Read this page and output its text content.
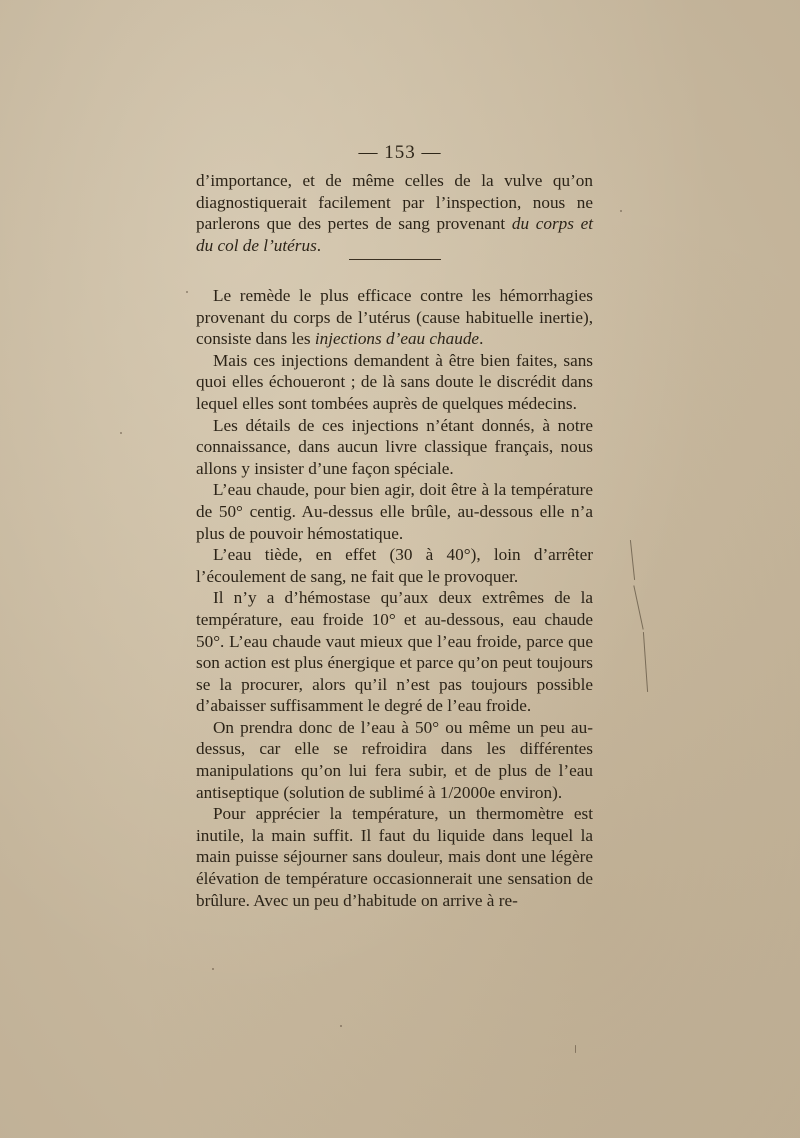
— 153 —

d’importance, et de même celles de la vulve qu’on diagnostiquerait facilement par l’inspection, nous ne parlerons que des pertes de sang provenant du corps et du col de l’utérus.

Le remède le plus efficace contre les hémorrhagies provenant du corps de l’utérus (cause habituelle inertie), consiste dans les injections d’eau chaude.

Mais ces injections demandent à être bien faites, sans quoi elles échoueront ; de là sans doute le discrédit dans lequel elles sont tombées auprès de quelques médecins.

Les détails de ces injections n’étant donnés, à notre connaissance, dans aucun livre classique français, nous allons y insister d’une façon spéciale.

L’eau chaude, pour bien agir, doit être à la température de 50° centig. Au-dessus elle brûle, au-dessous elle n’a plus de pouvoir hémostatique.

L’eau tiède, en effet (30 à 40°), loin d’arrêter l’écoulement de sang, ne fait que le provoquer.

Il n’y a d’hémostase qu’aux deux extrêmes de la température, eau froide 10° et au-dessous, eau chaude 50°. L’eau chaude vaut mieux que l’eau froide, parce que son action est plus énergique et parce qu’on peut toujours se la procurer, alors qu’il n’est pas toujours possible d’abaisser suffisamment le degré de l’eau froide.

On prendra donc de l’eau à 50° ou même un peu au-dessus, car elle se refroidira dans les différentes manipulations qu’on lui fera subir, et de plus de l’eau antiseptique (solution de sublimé à 1/2000e environ).

Pour apprécier la température, un thermomètre est inutile, la main suffit. Il faut du liquide dans lequel la main puisse séjourner sans douleur, mais dont une légère élévation de température occasionnerait une sensation de brûlure. Avec un peu d’habitude on arrive à re-
